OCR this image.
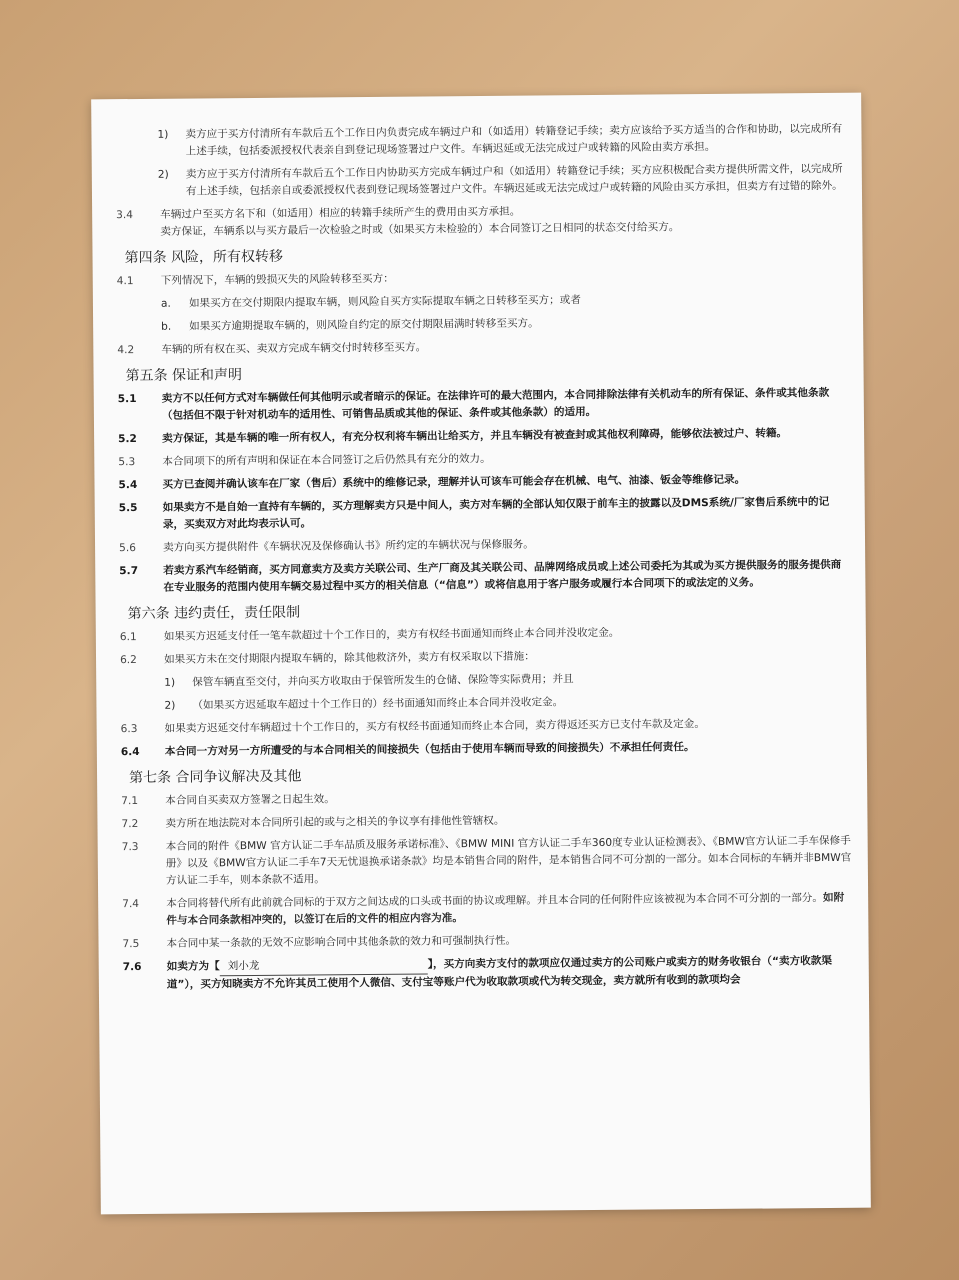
1)	卖方应于买方付清所有车款后五个工作日内负责完成车辆过户和（如适用）转籍登记手续；卖方应该给予买方适当的合作和协助，以完成所有上述手续，包括委派授权代表亲自到登记现场签署过户文件。车辆迟延或无法完成过户或转籍的风险由卖方承担。
2)	卖方应于买方付清所有车款后五个工作日内协助买方完成车辆过户和（如适用）转籍登记手续；买方应积极配合卖方提供所需文件，以完成所有上述手续，包括亲自或委派授权代表到登记现场签署过户文件。车辆迟延或无法完成过户或转籍的风险由买方承担，但卖方有过错的除外。
3.4	车辆过户至买方名下和（如适用）相应的转籍手续所产生的费用由买方承担。
卖方保证，车辆系以与买方最后一次检验之时或（如果买方未检验的）本合同签订之日相同的状态交付给买方。
第四条 风险，所有权转移
4.1	下列情况下，车辆的毁损灭失的风险转移至买方：
a.	如果买方在交付期限内提取车辆，则风险自买方实际提取车辆之日转移至买方；或者
b.	如果买方逾期提取车辆的，则风险自约定的原交付期限届满时转移至买方。
4.2	车辆的所有权在买、卖双方完成车辆交付时转移至买方。
第五条 保证和声明
5.1	卖方不以任何方式对车辆做任何其他明示或者暗示的保证。在法律许可的最大范围内，本合同排除法律有关机动车的所有保证、条件或其他条款（包括但不限于针对机动车的适用性、可销售品质或其他的保证、条件或其他条款）的适用。
5.2	卖方保证，其是车辆的唯一所有权人，有充分权利将车辆出让给买方，并且车辆没有被查封或其他权利障碍，能够依法被过户、转籍。
5.3	本合同项下的所有声明和保证在本合同签订之后仍然具有充分的效力。
5.4	买方已查阅并确认该车在厂家（售后）系统中的维修记录，理解并认可该车可能会存在机械、电气、油漆、钣金等维修记录。
5.5	如果卖方不是自始一直持有车辆的，买方理解卖方只是中间人，卖方对车辆的全部认知仅限于前车主的披露以及DMS系统/厂家售后系统中的记录，买卖双方对此均表示认可。
5.6	卖方向买方提供附件《车辆状况及保修确认书》所约定的车辆状况与保修服务。
5.7	若卖方系汽车经销商，买方同意卖方及卖方关联公司、生产厂商及其关联公司、品牌网络成员或上述公司委托为其或为买方提供服务的服务提供商在专业服务的范围内使用车辆交易过程中买方的相关信息（“信息”）或将信息用于客户服务或履行本合同项下的或法定的义务。
第六条 违约责任，责任限制
6.1	如果买方迟延支付任一笔车款超过十个工作日的，卖方有权经书面通知而终止本合同并没收定金。
6.2	如果买方未在交付期限内提取车辆的，除其他救济外，卖方有权采取以下措施：
1)	保管车辆直至交付，并向买方收取由于保管所发生的仓储、保险等实际费用；并且
2)	（如果买方迟延取车超过十个工作日的）经书面通知而终止本合同并没收定金。
6.3	如果卖方迟延交付车辆超过十个工作日的，买方有权经书面通知而终止本合同，卖方得返还买方已支付车款及定金。
6.4	本合同一方对另一方所遭受的与本合同相关的间接损失（包括由于使用车辆而导致的间接损失）不承担任何责任。
第七条 合同争议解决及其他
7.1	本合同自买卖双方签署之日起生效。
7.2	卖方所在地法院对本合同所引起的或与之相关的争议享有排他性管辖权。
7.3	本合同的附件《BMW 官方认证二手车品质及服务承诺标准》、《BMW MINI 官方认证二手车360度专业认证检测表》、《BMW官方认证二手车保修手册》以及《BMW官方认证二手车7天无忧退换承诺条款》均是本销售合同的附件，是本销售合同不可分割的一部分。如本合同标的车辆并非BMW官方认证二手车，则本条款不适用。
7.4	本合同将替代所有此前就合同标的于双方之间达成的口头或书面的协议或理解。并且本合同的任何附件应该被视为本合同不可分割的一部分。如附件与本合同条款相冲突的，以签订在后的文件的相应内容为准。
7.5	本合同中某一条款的无效不应影响合同中其他条款的效力和可强制执行性。
7.6	如卖方为【 刘小龙	】，买方向卖方支付的款项应仅通过卖方的公司账户或卖方的财务收银台（“卖方收款渠道”），买方知晓卖方不允许其员工使用个人微信、支付宝等账户代为收取款项或代为转交现金，卖方就所有收到的款项均会
